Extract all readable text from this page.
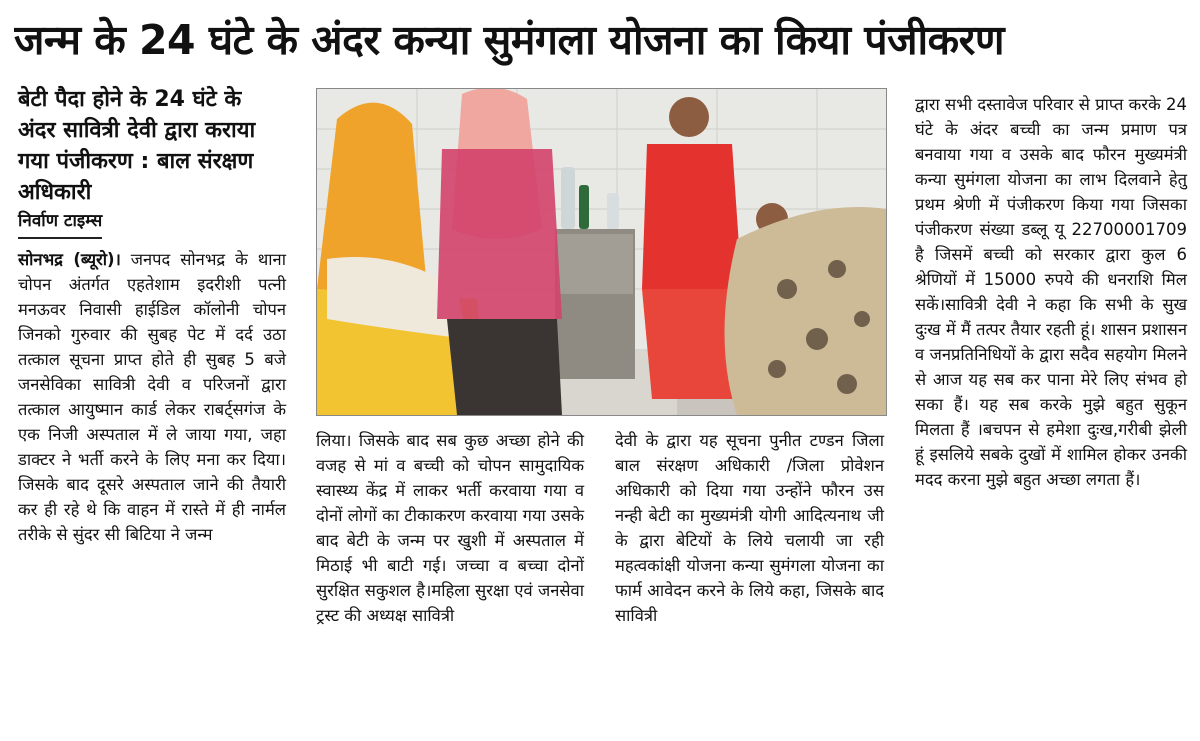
जन्म के 24 घंटे के अंदर कन्या सुमंगला योजना का किया पंजीकरण

बेटी पैदा होने के 24 घंटे के अंदर सावित्री देवी द्वारा कराया गया पंजीकरण : बाल संरक्षण अधिकारी

निर्वाण टाइम्स

सोनभद्र (ब्यूरो)। जनपद सोनभद्र के थाना चोपन अंतर्गत एहतेशाम इदरीशी पत्नी मनऊवर निवासी हाईडिल कॉलोनी चोपन जिनको गुरुवार की सुबह पेट में दर्द उठा तत्काल सूचना प्राप्त होते ही सुबह 5 बजे जनसेविका सावित्री देवी व परिजनों द्वारा तत्काल आयुष्मान कार्ड लेकर राबर्ट्सगंज के एक निजी अस्पताल में ले जाया गया, जहा डाक्टर ने भर्ती करने के लिए मना कर दिया। जिसके बाद दूसरे अस्पताल जाने की तैयारी कर ही रहे थे कि वाहन में रास्ते में ही नार्मल तरीके से सुंदर सी बिटिया ने जन्म

लिया। जिसके बाद सब कुछ अच्छा होने की वजह से मां व बच्ची को चोपन सामुदायिक स्वास्थ्य केंद्र में लाकर भर्ती करवाया गया व दोनों लोगों का टीकाकरण करवाया गया उसके बाद बेटी के जन्म पर खुशी में अस्पताल में मिठाई भी बाटी गई। जच्चा व बच्चा दोनों सुरक्षित सकुशल है।महिला सुरक्षा एवं जनसेवा ट्रस्ट की अध्यक्ष सावित्री

देवी के द्वारा यह सूचना पुनीत टण्डन जिला बाल संरक्षण अधिकारी /जिला प्रोवेशन अधिकारी को दिया गया उन्होंने फौरन उस नन्ही बेटी का मुख्यमंत्री योगी आदित्यनाथ जी के द्वारा बेटियों के लिये चलायी जा रही महत्वकांक्षी योजना कन्या सुमंगला योजना का फार्म आवेदन करने के लिये कहा, जिसके बाद सावित्री

द्वारा सभी दस्तावेज परिवार से प्राप्त करके 24 घंटे के अंदर बच्ची का जन्म प्रमाण पत्र बनवाया गया व उसके बाद फौरन मुख्यमंत्री कन्या सुमंगला योजना का लाभ दिलवाने हेतु प्रथम श्रेणी में पंजीकरण किया गया जिसका पंजीकरण संख्या डब्लू यू 22700001709 है जिसमें बच्ची को सरकार द्वारा कुल 6 श्रेणियों में 15000 रुपये की धनराशि मिल सकें।सावित्री देवी ने कहा कि सभी के सुख दुःख में मैं तत्पर तैयार रहती हूं। शासन प्रशासन व जनप्रतिनिधियों के द्वारा सदैव सहयोग मिलने से आज यह सब कर पाना मेरे लिए संभव हो सका हैं। यह सब करके मुझे बहुत सुकून मिलता हैं ।बचपन से हमेशा दुःख,गरीबी झेली हूं इसलिये सबके दुखों में शामिल होकर उनकी मदद करना मुझे बहुत अच्छा लगता हैं।
